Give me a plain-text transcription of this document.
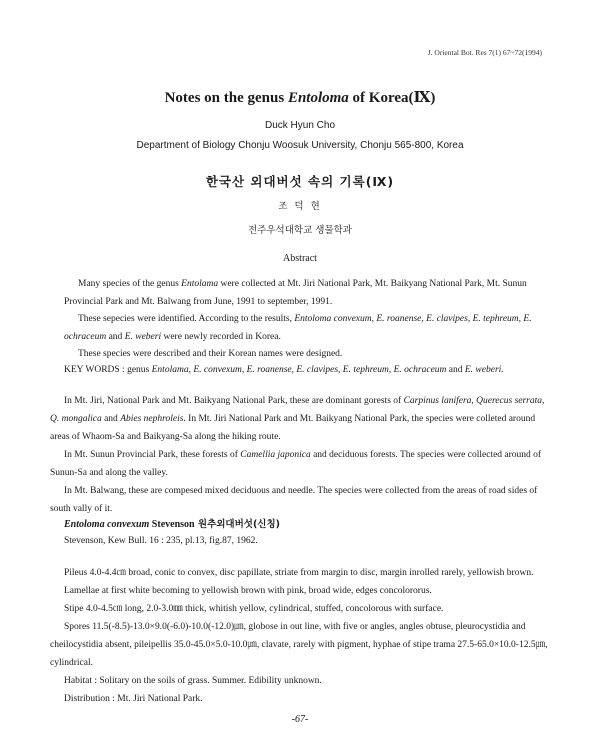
J. Oriental Bot. Res 7(1) 67~72(1994)
Notes on the genus Entoloma of Korea(Ⅸ)
Duck Hyun Cho
Department of Biology Chonju Woosuk University, Chonju 565-800, Korea
한국산 외대버섯 속의 기록(Ⅸ)
조 덕 현
전주우석대학교 생물학과
Abstract

Many species of the genus Entolama were collected at Mt. Jiri National Park, Mt. Baikyang National Park, Mt. Sunun Provincial Park and Mt. Balwang from June, 1991 to september, 1991.

These sepecies were identified. According to the results, Entoloma convexum, E. roanense, E. clavipes, E. tephreum, E. ochraceum and E. weberi were newly recorded in Korea.

These species were described and their Korean names were designed.

KEY WORDS : genus Entolama, E. convexum, E. roanense, E. clavipes, E. tephreum, E. ochraceum and E. weberi.

In Mt. Jiri, National Park and Mt. Baikyang National Park, these are dominant gorests of Carpinus lanifera, Querecus serrata, Q. mongalica and Abies nephroleis. In Mt. Jiri National Park and Mt. Baikyang National Park, the species were colleted around areas of Whaom-Sa and Baikyang-Sa along the hiking route.

In Mt. Sunun Provincial Park, these forests of Camellia japonica and deciduous forests. The species were collected around of Sunun-Sa and along the valley.

In Mt. Balwang, these are compesed mixed deciduous and needle. The species were collected from the areas of road sides of south vally of it.

Entoloma convexum Stevenson 원추외대버섯(신칭)
Stevenson, Kew Bull. 16 : 235, pl.13, fig.87, 1962.

Pileus 4.0-4.4㎝ broad, conic to convex, disc papillate, striate from margin to disc, margin inrolled rarely, yellowish brown.

Lamellae at first white becoming to yellowish brown with pink, broad wide, edges concolororus.

Stipe 4.0-4.5㎝ long, 2.0-3.0㎜ thick, whitish yellow, cylindrical, stuffed, concolorous with surface.

Spores 11.5(-8.5)-13.0×9.0(-6.0)-10.0(-12.0)㎛, globose in out line, with five or angles, angles obtuse, pleurocystidia and cheilocystidia absent, pileipellis 35.0-45.0×5.0-10.0㎛, clavate, rarely with pigment, hyphae of stipe trama 27.5-65.0×10.0-12.5㎛, cylindrical.

Habitat : Solitary on the soils of grass. Summer. Edibility unknown.

Distribution : Mt. Jiri National Park.

-67-
